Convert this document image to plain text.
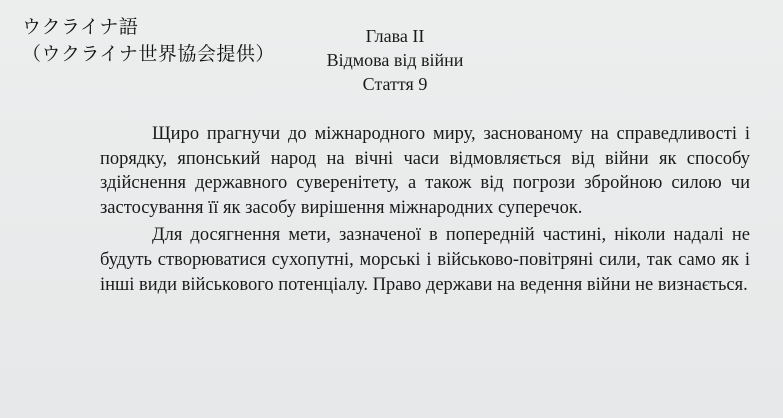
ウクライナ語
（ウクライナ世界協会提供）
Глава II
Відмова від війни
Стаття 9

Щиро прагнучи до міжнародного миру, заснованому на справедливості і порядку, японський народ на вічні часи відмовляється від війни як способу здійснення державного суверенітету, а також від погрози збройною силою чи застосування її як засобу вирішення міжнародних суперечок.

Для досягнення мети, зазначеної в попередній частині, ніколи надалі не будуть створюватися сухопутні, морські і військово-повітряні сили, так само як і інші види військового потенціалу. Право держави на ведення війни не визнається.
